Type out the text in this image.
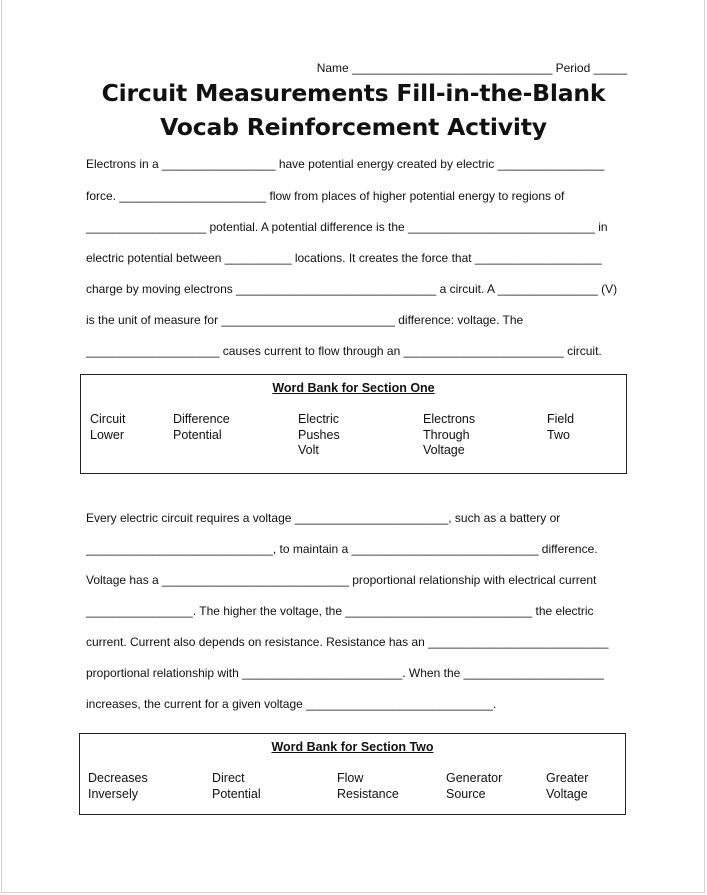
Name ______________________________ Period _____
Circuit Measurements Fill-in-the-Blank
Vocab Reinforcement Activity
Electrons in a _________________ have potential energy created by electric ________________
force. ______________________ flow from places of higher potential energy to regions of
__________________ potential. A potential difference is the ____________________________ in
electric potential between __________ locations. It creates the force that ___________________
charge by moving electrons ______________________________ a circuit. A _______________ (V)
is the unit of measure for __________________________ difference: voltage. The
____________________ causes current to flow through an ________________________ circuit.
Word Bank for Section One
Circuit
Lower
Difference
Potential
Electric
Pushes
Volt
Electrons
Through
Voltage
Field
Two
Every electric circuit requires a voltage _______________________, such as a battery or
____________________________, to maintain a ____________________________ difference.
Voltage has a ____________________________ proportional relationship with electrical current
________________. The higher the voltage, the ____________________________ the electric
current. Current also depends on resistance. Resistance has an ___________________________
proportional relationship with ________________________. When the _____________________
increases, the current for a given voltage ____________________________.
Word Bank for Section Two
Decreases
Inversely
Direct
Potential
Flow
Resistance
Generator
Source
Greater
Voltage
